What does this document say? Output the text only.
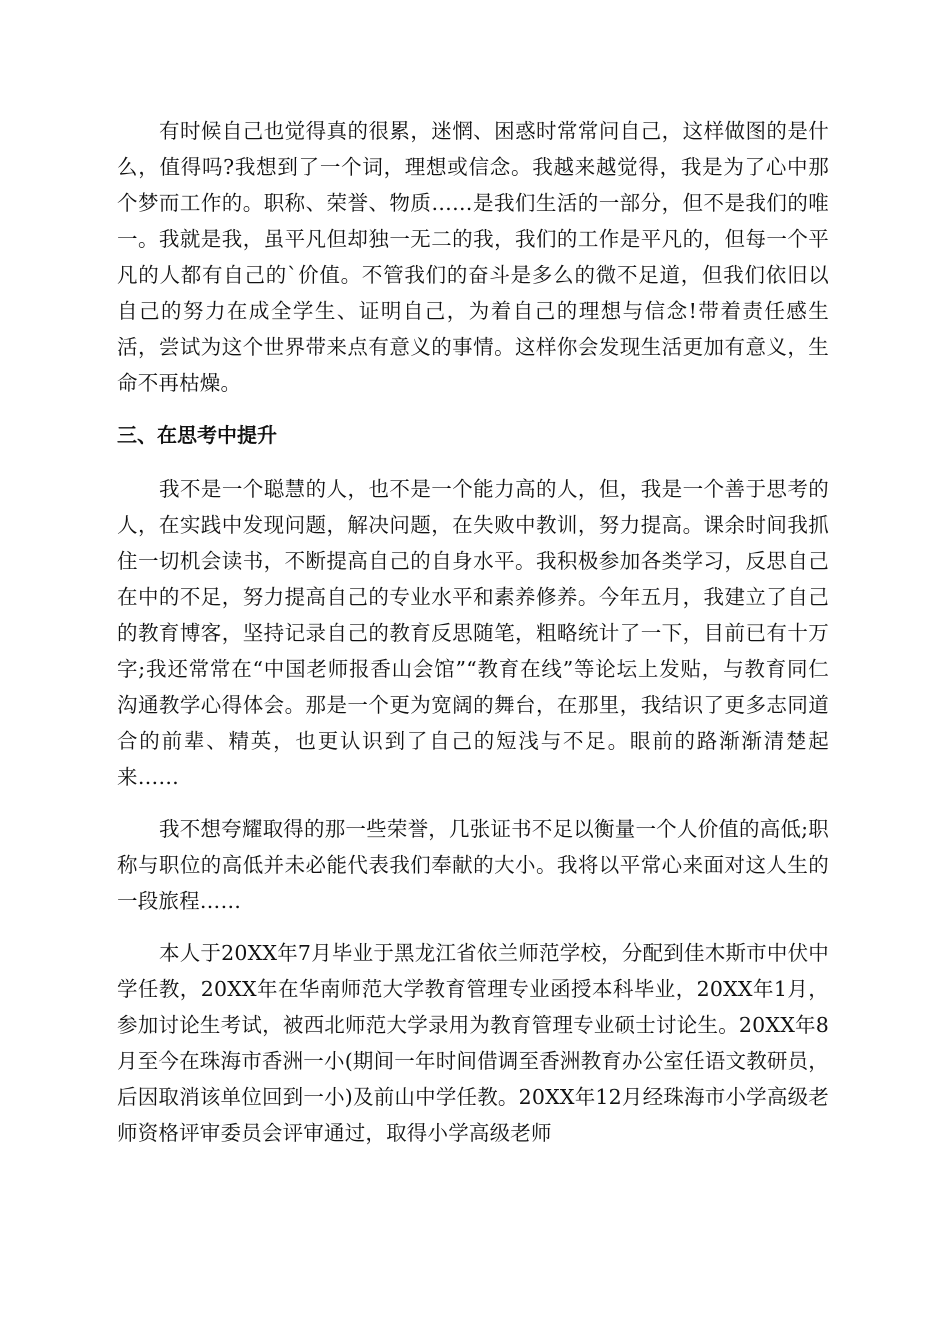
有时候自己也觉得真的很累，迷惘、困惑时常常问自己，这样做图的是什么，值得吗?我想到了一个词，理想或信念。我越来越觉得，我是为了心中那个梦而工作的。职称、荣誉、物质……是我们生活的一部分，但不是我们的唯一。我就是我，虽平凡但却独一无二的我，我们的工作是平凡的，但每一个平凡的人都有自己的`价值。不管我们的奋斗是多么的微不足道，但我们依旧以自己的努力在成全学生、证明自己，为着自己的理想与信念!带着责任感生活，尝试为这个世界带来点有意义的事情。这样你会发现生活更加有意义，生命不再枯燥。

三、在思考中提升

我不是一个聪慧的人，也不是一个能力高的人，但，我是一个善于思考的人，在实践中发现问题，解决问题，在失败中教训，努力提高。课余时间我抓住一切机会读书，不断提高自己的自身水平。我积极参加各类学习，反思自己在中的不足，努力提高自己的专业水平和素养修养。今年五月，我建立了自己的教育博客，坚持记录自己的教育反思随笔，粗略统计了一下，目前已有十万字;我还常常在“中国老师报香山会馆”“教育在线”等论坛上发贴，与教育同仁沟通教学心得体会。那是一个更为宽阔的舞台，在那里，我结识了更多志同道合的前辈、精英，也更认识到了自己的短浅与不足。眼前的路渐渐清楚起来……

我不想夸耀取得的那一些荣誉，几张证书不足以衡量一个人价值的高低;职称与职位的高低并未必能代表我们奉献的大小。我将以平常心来面对这人生的一段旅程……

本人于20XX年7月毕业于黑龙江省依兰师范学校，分配到佳木斯市中伏中学任教，20XX年在华南师范大学教育管理专业函授本科毕业，20XX年1月，参加讨论生考试，被西北师范大学录用为教育管理专业硕士讨论生。20XX年8月至今在珠海市香洲一小(期间一年时间借调至香洲教育办公室任语文教研员，后因取消该单位回到一小)及前山中学任教。20XX年12月经珠海市小学高级老师资格评审委员会评审通过，取得小学高级老师
